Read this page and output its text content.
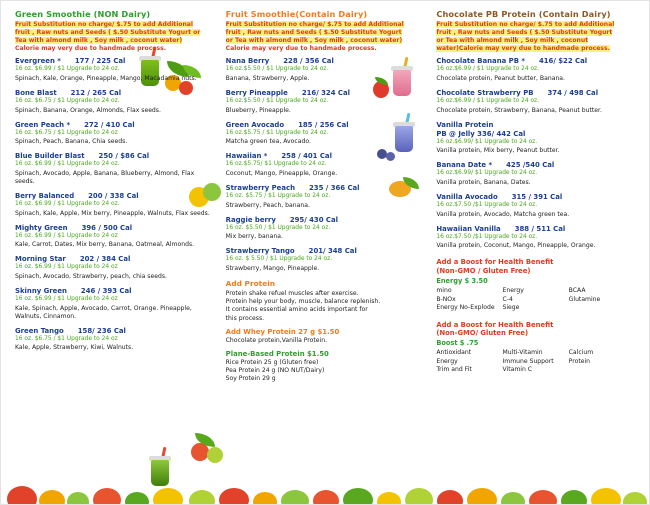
Green Smoothie (NON Dairy)
Fruit Substitution no charge/ $.75 to add Additional
fruit , Raw nuts and Seeds ( $.50 Substitute Yogurt or
Tea with almond milk , Soy milk , coconut water)
Calorie may very due to handmade process.
Evergreen * 177 / 225 Cal
16 oz. $6.99 / $1 Upgrade to 24 oz.
Spinach, Kale, Orange, Pineapple, Mango, Macadamia nuts.
Bone Blast 212 / 265 Cal
16 oz. $6.75 / $1 Upgrade to 24 oz.
Spinach, Banana, Orange, Almonds, Flax seeds.
Green Peach * 272 / 410 Cal
16 oz. $6.75 / $1 Upgrade to 24 oz
Spinach, Peach, Banana, Chia seeds.
Blue Builder Blast 250 / $86 Cal
16 oz. $6.99 / $1 Upgrade to 24 oz.
Spinach, Avocado, Apple, Banana, Blueberry, Almond, Flax seeds.
Berry Balanced 200 / 338 Cal
16 oz. $6.99 / $1 Upgrade to 24 oz.
Spinach, Kale, Apple, Mix berry, Pineapple, Walnuts, Flax seeds.
Mighty Green 396 / 500 Cal
16 oz. $6.99 / $1 Upgrade to 24 oz
Kale, Carrot, Dates, Mix berry, Banana, Oatmeal, Almonds.
Morning Star 202 / 384 Cal
16 oz. $6.99 / $1 Upgrade to 24 oz
Spinach, Avocado, Strawberry, peach, chia seeds.
Skinny Green 246 / 393 Cal
16 oz. $6.99 / $1 Upgrade to 24 oz
Kale, Spinach, Apple, Avocado, Carrot, Orange. Pineapple, Walnuts, Cinnamon.
Green Tango 158/ 236 Cal
16 oz. $6.75 / $1 Upgrade to 24 oz
Kale, Apple, Strawberry, Kiwi, Walnuts.
Fruit Smoothie(Contain Dairy)
Fruit Substitution no charge/ $.75 to add Additional
fruit , Raw nuts and Seeds ( $.50 Substitute Yogurt
or Tea with almond milk , Soy milk , coconut water)
Calorie may very due to handmade process.
Nana Berry 228 / 356 Cal
16 oz.$5.50 / $1 Upgrade to 24 oz.
Banana, Strawberry, Apple.
Berry Pineapple 216/ 324 Cal
16 oz.$5.50 / $1 Upgrade to 24 oz.
Blueberry, Pineapple.
Green Avocado 185 / 256 Cal
16 oz.$5.75 / $1 Upgrade to 24 oz.
Matcha green tea, Avocado.
Hawaiian * 258 / 401 Cal
16 oz.$5.75/ $1 Upgrade to 24 oz.
Coconut, Mango, Pineapple, Orange.
Strawberry Peach 235 / 366 Cal
16 oz. $5.75 / $1 Upgrade to 24 oz.
Strawberry, Peach, banana.
Raggie berry 295/ 430 Cal
16 oz. $5.50 / $1 Upgrade to 24 oz.
Mix berry, banana.
Strawberry Tango 201/ 348 Cal
16 oz. $ 5.50 / $1 Upgrade to 24 oz.
Strawberry, Mango, Pineapple.
Add Protein
Protein shake refuel muscles after exercise.
Protein help your body, muscle, balance replenish.
It contains essential amino acids important for
this process.
Add Whey Protein 27 g $1.50
Chocolate protein,Vanilla Protein.
Plane-Based Protein $1.50
Rice Protein 25 g (Gluten free)
Pea Protein 24 g (NO NUT/Dairy)
Soy Protein 29 g
Chocolate PB Protein (Contain Dairy)
Fruit Substitution no charge/ $.75 to add Additional
fruit , Raw nuts and Seeds ( $.50 Substitute Yogurt
or Tea with almond milk , Soy milk , coconut
water)Calorie may very due to handmade process.
Chocolate Banana PB * 416/ $22 Cal
16 oz.$6.99 / $1 Upgrade to 24 oz.
Chocolate protein, Peanut butter, Banana.
Chocolate Strawberry PB 374 / 498 Cal
16 oz.$6.99 / $1 Upgrade to 24 oz.
Chocolate protein, Strawberry, Banana, Peanut butter.
Vanilla Protein
PB @ Jelly 336/ 442 Cal
16 oz.$6.99/ $1 Upgrade to 24 oz.
Vanilla protein, Mix berry, Peanut butter.
Banana Date * 425 /540 Cal
16 oz.$6.99/ $1 Upgrade to 24 oz.
Vanilla protein, Banana, Dates.
Vanilla Avocado 315 / 391 Cal
16 oz.$7.50 /$1 Upgrade to 24 oz.
Vanilla protein, Avocado, Matcha green tea.
Hawaiian Vanilla 388 / 511 Cal
16 oz.$7.50 /$1 Upgrade to 24 oz.
Vanilla protein, Coconut, Mango, Pineapple, Orange.
Add a Boost for Health Benefit
(Non-GMO / Gluten Free)
Energy $ 3.50
mino	Energy	BCAA
B-NOx	C-4	Glutamine
Energy No-Explode	Siege
Add a Boost for Health Benefit
(Non-GMO/ Gluten Free)
Boost $ .75
Antioxidant	Multi-Vitamin	Calcium
Energy	Immune Support	Protein
Trim and Fit	Vitamin C
